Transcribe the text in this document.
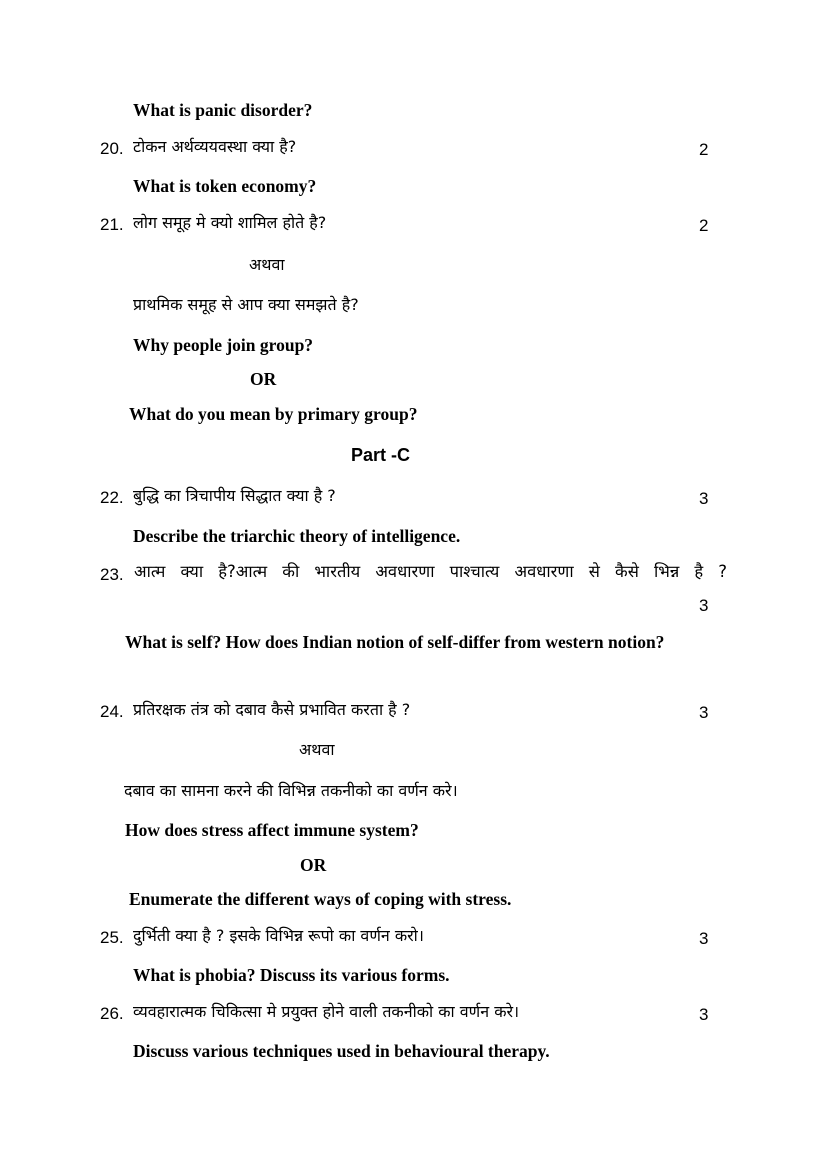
What is panic disorder?
20. टोकन अर्थव्ययवस्था क्या है?	2
What is token economy?
21. लोग समूह मे क्यो शामिल होते है?	2
अथवा
प्राथमिक समूह से आप क्या समझते है?
Why people join group?
OR
What do you mean by primary group?
Part -C
22. बुद्धि का त्रिचापीय सिद्धात क्या है ?	3
Describe the triarchic theory of intelligence.
23. आत्म क्या है?आत्म की भारतीय अवधारणा पाश्चात्य अवधारणा से कैसे भिन्न है ?
3
What is self? How does Indian notion of self-differ from western notion?
24. प्रतिरक्षक तंत्र को दबाव कैसे प्रभावित करता है ?	3
अथवा
दबाव का सामना करने की विभिन्न तकनीको का वर्णन करे।
How does stress affect immune system?
OR
Enumerate the different ways of coping with stress.
25. दुर्भिती क्या है ? इसके विभिन्न रूपो का वर्णन करो।	3
What is phobia? Discuss its various forms.
26. व्यवहारात्मक चिकित्सा मे प्रयुक्त होने वाली तकनीको का वर्णन करे।	3
Discuss various techniques used in behavioural therapy.
